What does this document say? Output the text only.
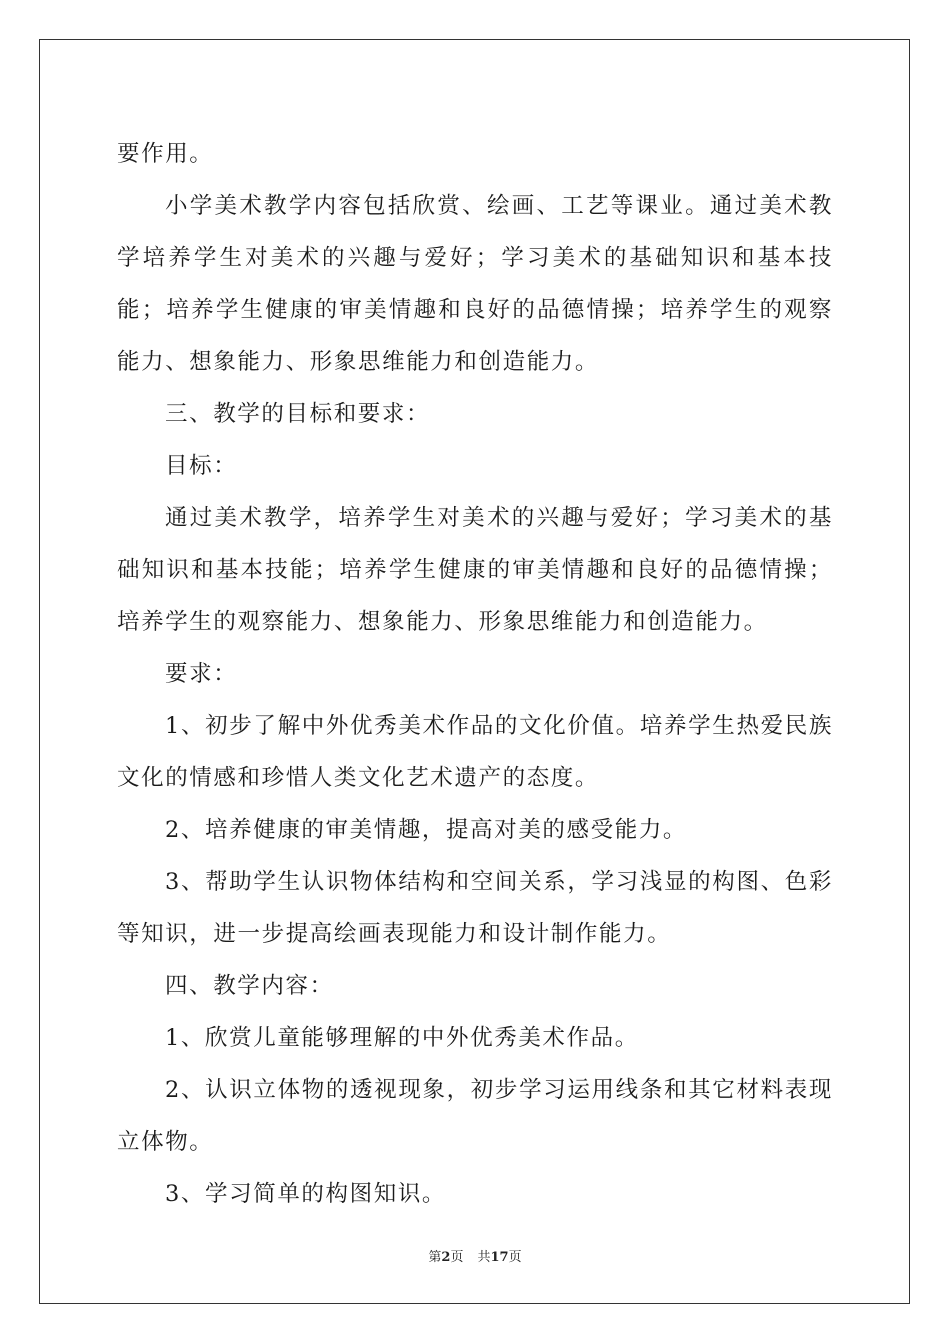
要作用。

小学美术教学内容包括欣赏、绘画、工艺等课业。通过美术教学培养学生对美术的兴趣与爱好；学习美术的基础知识和基本技能；培养学生健康的审美情趣和良好的品德情操；培养学生的观察能力、想象能力、形象思维能力和创造能力。

三、教学的目标和要求：

目标：

通过美术教学，培养学生对美术的兴趣与爱好；学习美术的基础知识和基本技能；培养学生健康的审美情趣和良好的品德情操；培养学生的观察能力、想象能力、形象思维能力和创造能力。

要求：

1、初步了解中外优秀美术作品的文化价值。培养学生热爱民族文化的情感和珍惜人类文化艺术遗产的态度。

2、培养健康的审美情趣，提高对美的感受能力。

3、帮助学生认识物体结构和空间关系，学习浅显的构图、色彩等知识，进一步提高绘画表现能力和设计制作能力。

四、教学内容：

1、欣赏儿童能够理解的中外优秀美术作品。

2、认识立体物的透视现象，初步学习运用线条和其它材料表现立体物。

3、学习简单的构图知识。

第2页 共17页
